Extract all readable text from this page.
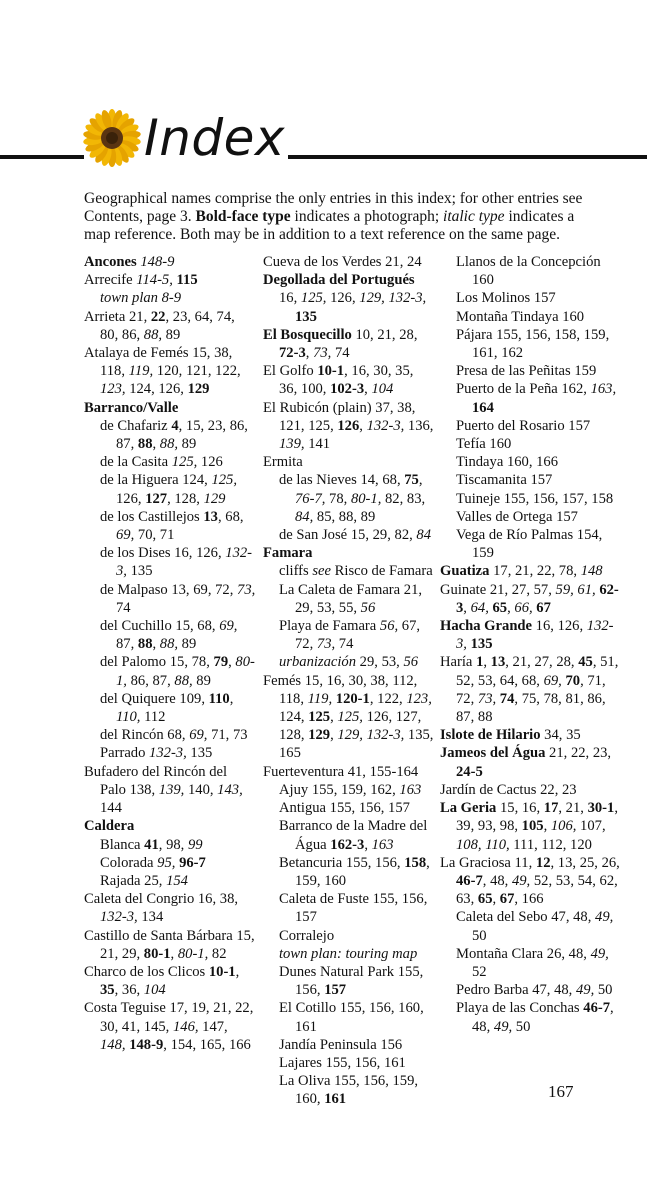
Index

Geographical names comprise the only entries in this index; for other entries see Contents, page 3. Bold-face type indicates a photograph; italic type indicates a map reference. Both may be in addition to a text reference on the same page.

Ancones 148-9
Arrecife 114-5, 115
town plan 8-9
Arrieta 21, 22, 23, 64, 74, 80, 86, 88, 89
Atalaya de Femés 15, 38, 118, 119, 120, 121, 122, 123, 124, 126, 129
Barranco/Valle
de Chafariz 4, 15, 23, 86, 87, 88, 88, 89
de la Casita 125, 126
de la Higuera 124, 125, 126, 127, 128, 129
de los Castillejos 13, 68, 69, 70, 71
de los Dises 16, 126, 132-3, 135
de Malpaso 13, 69, 72, 73, 74
del Cuchillo 15, 68, 69, 87, 88, 88, 89
del Palomo 15, 78, 79, 80-1, 86, 87, 88, 89
del Quiquere 109, 110, 110, 112
del Rincón 68, 69, 71, 73
Parrado 132-3, 135
Bufadero del Rincón del Palo 138, 139, 140, 143, 144
Caldera
Blanca 41, 98, 99
Colorada 95, 96-7
Rajada 25, 154
Caleta del Congrio 16, 38, 132-3, 134
Castillo de Santa Bárbara 15, 21, 29, 80-1, 80-1, 82
Charco de los Clicos 10-1, 35, 36, 104
Costa Teguise 17, 19, 21, 22, 30, 41, 145, 146, 147, 148, 148-9, 154, 165, 166
Cueva de los Verdes 21, 24
Degollada del Portugués
16, 125, 126, 129, 132-3, 135
El Bosquecillo 10, 21, 28, 72-3, 73, 74
El Golfo 10-1, 16, 30, 35, 36, 100, 102-3, 104
El Rubicón (plain) 37, 38, 121, 125, 126, 132-3, 136, 139, 141
Ermita
de las Nieves 14, 68, 75, 76-7, 78, 80-1, 82, 83, 84, 85, 88, 89
de San José 15, 29, 82, 84
Famara
cliffs see Risco de Famara
La Caleta de Famara 21, 29, 53, 55, 56
Playa de Famara 56, 67, 72, 73, 74
urbanización 29, 53, 56
Femés 15, 16, 30, 38, 112, 118, 119, 120-1, 122, 123, 124, 125, 125, 126, 127, 128, 129, 129, 132-3, 135, 165
Fuerteventura 41, 155-164
Ajuy 155, 159, 162, 163
Antigua 155, 156, 157
Barranco de la Madre del Água 162-3, 163
Betancuria 155, 156, 158, 159, 160
Caleta de Fuste 155, 156, 157
Corralejo
town plan: touring map
Dunes Natural Park 155, 156, 157
El Cotillo 155, 156, 160, 161
Jandía Peninsula 156
Lajares 155, 156, 161
La Oliva 155, 156, 159, 160, 161
Llanos de la Concepción 160
Los Molinos 157
Montaña Tindaya 160
Pájara 155, 156, 158, 159, 161, 162
Presa de las Peñitas 159
Puerto de la Peña 162, 163, 164
Puerto del Rosario 157
Tefía 160
Tindaya 160, 166
Tiscamanita 157
Tuineje 155, 156, 157, 158
Valles de Ortega 157
Vega de Río Palmas 154, 159
Guatiza 17, 21, 22, 78, 148
Guinate 21, 27, 57, 59, 61, 62-3, 64, 65, 66, 67
Hacha Grande 16, 126, 132-3, 135
Haría 1, 13, 21, 27, 28, 45, 51, 52, 53, 64, 68, 69, 70, 71, 72, 73, 74, 75, 78, 81, 86, 87, 88
Islote de Hilario 34, 35
Jameos del Água 21, 22, 23, 24-5
Jardín de Cactus 22, 23
La Geria 15, 16, 17, 21, 30-1, 39, 93, 98, 105, 106, 107, 108, 110, 111, 112, 120
La Graciosa 11, 12, 13, 25, 26, 46-7, 48, 49, 52, 53, 54, 62, 63, 65, 67, 166
Caleta del Sebo 47, 48, 49, 50
Montaña Clara 26, 48, 49, 52
Pedro Barba 47, 48, 49, 50
Playa de las Conchas 46-7, 48, 49, 50
167
